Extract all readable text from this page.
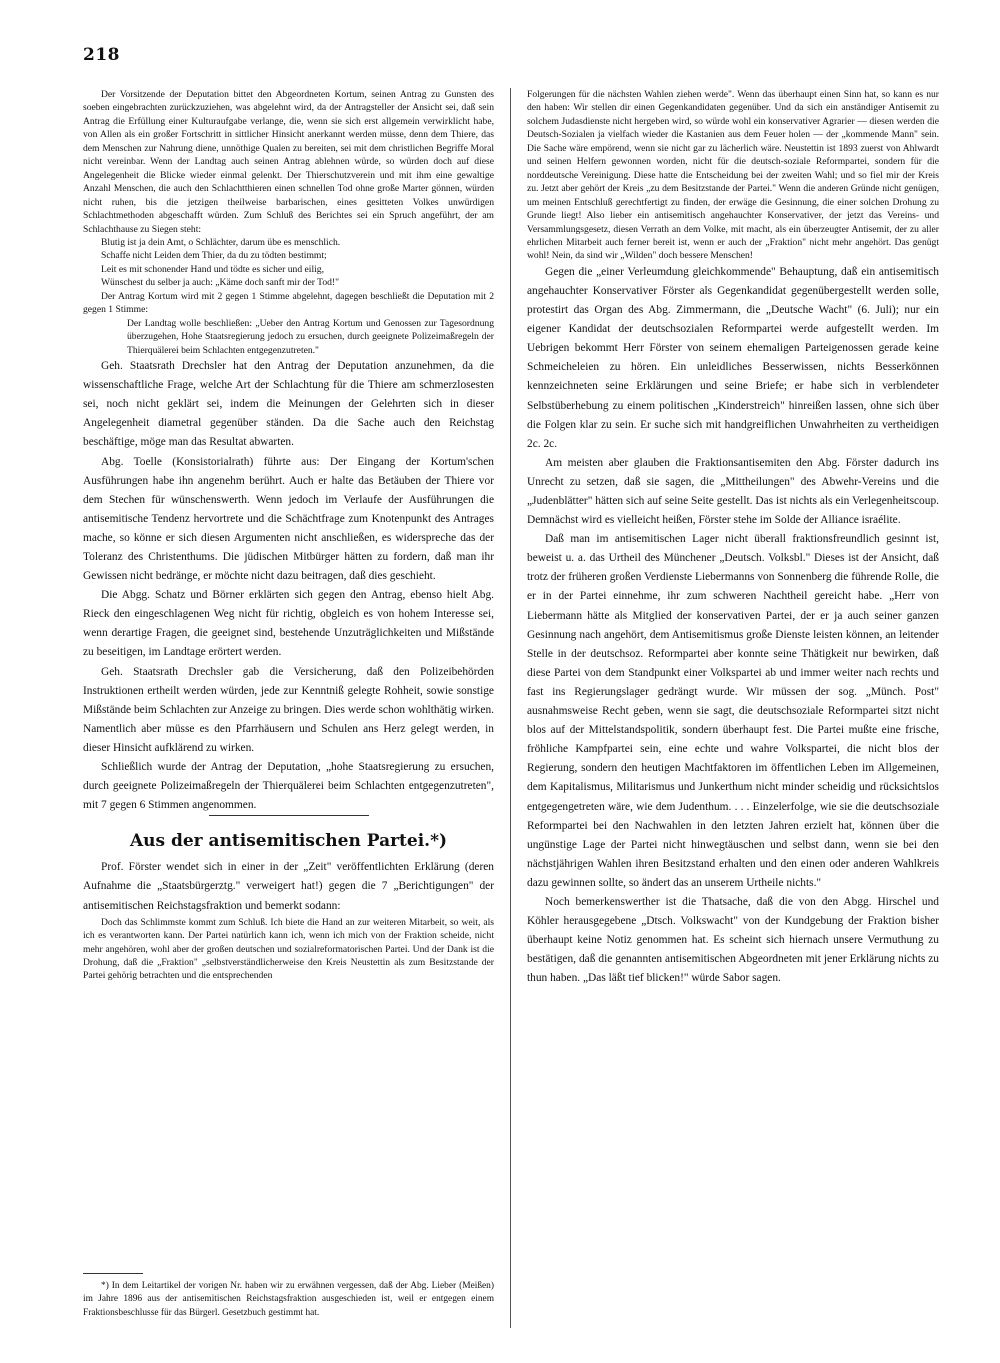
218

Der Vorsitzende der Deputation bittet den Abgeordneten Kortum, seinen Antrag zu Gunsten des soeben eingebrachten zurückzuziehen, was abgelehnt wird, da der Antragsteller der Ansicht sei, daß sein Antrag die Erfüllung einer Kulturaufgabe verlange, die, wenn sie sich erst allgemein verwirklicht habe, von Allen als ein großer Fortschritt in sittlicher Hinsicht anerkannt werden müsse, denn dem Thiere, das dem Menschen zur Nahrung diene, unnöthige Qualen zu bereiten, sei mit dem christlichen Begriffe Moral nicht vereinbar. Wenn der Landtag auch seinen Antrag ablehnen würde, so würden doch auf diese Angelegenheit die Blicke wieder einmal gelenkt. Der Thierschutzverein und mit ihm eine gewaltige Anzahl Menschen, die auch den Schlachtthieren einen schnellen Tod ohne große Marter gönnen, würden nicht ruhen, bis die jetzigen theilweise barbarischen, eines gesitteten Volkes unwürdigen Schlachtmethoden abgeschafft würden. Zum Schluß des Berichtes sei ein Spruch angeführt, der am Schlachthause zu Siegen steht:

Blutig ist ja dein Amt, o Schlächter, darum übe es menschlich.
Schaffe nicht Leiden dem Thier, da du zu tödten bestimmt;
Leit es mit schonender Hand und tödte es sicher und eilig,
Wünschest du selber ja auch: „Käme doch sanft mir der Tod!"

Der Antrag Kortum wird mit 2 gegen 1 Stimme abgelehnt, dagegen beschließt die Deputation mit 2 gegen 1 Stimme:

Der Landtag wolle beschließen: „Ueber den Antrag Kortum und Genossen zur Tagesordnung überzugehen, Hohe Staatsregierung jedoch zu ersuchen, durch geeignete Polizeimaßregeln der Thierquälerei beim Schlachten entgegenzutreten."

Geh. Staatsrath Drechsler hat den Antrag der Deputation anzunehmen, da die wissenschaftliche Frage, welche Art der Schlachtung für die Thiere am schmerzlosesten sei, noch nicht geklärt sei, indem die Meinungen der Gelehrten sich in dieser Angelegenheit diametral gegenüber ständen. Da die Sache auch den Reichstag beschäftige, möge man das Resultat abwarten.

Abg. Toelle (Konsistorialrath) führte aus: Der Eingang der Kortum'schen Ausführungen habe ihn angenehm berührt. Auch er halte das Betäuben der Thiere vor dem Stechen für wünschenswerth. Wenn jedoch im Verlaufe der Ausführungen die antisemitische Tendenz hervortrete und die Schächtfrage zum Knotenpunkt des Antrages mache, so könne er sich diesen Argumenten nicht anschließen, es widerspreche das der Toleranz des Christenthums. Die jüdischen Mitbürger hätten zu fordern, daß man ihr Gewissen nicht bedränge, er möchte nicht dazu beitragen, daß dies geschieht.

Die Abgg. Schatz und Börner erklärten sich gegen den Antrag, ebenso hielt Abg. Rieck den eingeschlagenen Weg nicht für richtig, obgleich es von hohem Interesse sei, wenn derartige Fragen, die geeignet sind, bestehende Unzuträglichkeiten und Mißstände zu beseitigen, im Landtage erörtert werden.

Geh. Staatsrath Drechsler gab die Versicherung, daß den Polizeibehörden Instruktionen ertheilt werden würden, jede zur Kenntniß gelegte Rohheit, sowie sonstige Mißstände beim Schlachten zur Anzeige zu bringen. Dies werde schon wohlthätig wirken. Namentlich aber müsse es den Pfarrhäusern und Schulen ans Herz gelegt werden, in dieser Hinsicht aufklärend zu wirken.

Schließlich wurde der Antrag der Deputation, „hohe Staatsregierung zu ersuchen, durch geeignete Polizeimaßregeln der Thierquälerei beim Schlachten entgegenzutreten", mit 7 gegen 6 Stimmen angenommen.

Aus der antisemitischen Partei.*)

Prof. Förster wendet sich in einer in der „Zeit" veröffentlichten Erklärung (deren Aufnahme die „Staatsbürgerztg." verweigert hat!) gegen die 7 „Berichtigungen" der antisemitischen Reichstagsfraktion und bemerkt sodann:

Doch das Schlimmste kommt zum Schluß. Ich biete die Hand an zur weiteren Mitarbeit, so weit, als ich es verantworten kann. Der Partei natürlich kann ich, wenn ich mich von der Fraktion scheide, nicht mehr angehören, wohl aber der großen deutschen und sozialreformatorischen Partei. Und der Dank ist die Drohung, daß die „Fraktion" „selbstverständlicherweise den Kreis Neustettin als zum Besitzstande der Partei gehörig betrachten und die entsprechenden

*) In dem Leitartikel der vorigen Nr. haben wir zu erwähnen vergessen, daß der Abg. Lieber (Meißen) im Jahre 1896 aus der antisemitischen Reichstagsfraktion ausgeschieden ist, weil er entgegen einem Fraktionsbeschlusse für das Bürgerl. Gesetzbuch gestimmt hat.

Folgerungen für die nächsten Wahlen ziehen werde". Wenn das überhaupt einen Sinn hat, so kann es nur den haben: Wir stellen dir einen Gegenkandidaten gegenüber. Und da sich ein anständiger Antisemit zu solchem Judasdienste nicht hergeben wird, so würde wohl ein konservativer Agrarier — diesen werden die Deutsch-Sozialen ja vielfach wieder die Kastanien aus dem Feuer holen — der „kommende Mann" sein. Die Sache wäre empörend, wenn sie nicht gar zu lächerlich wäre. Neustettin ist 1893 zuerst von Ahlwardt und seinen Helfern gewonnen worden, nicht für die deutsch-soziale Reformpartei, sondern für die norddeutsche Vereinigung. Diese hatte die Entscheidung bei der zweiten Wahl; und so fiel mir der Kreis zu. Jetzt aber gehört der Kreis „zu dem Besitzstande der Partei." Wenn die anderen Gründe nicht genügen, um meinen Entschluß gerechtfertigt zu finden, der erwäge die Gesinnung, die einer solchen Drohung zu Grunde liegt! Also lieber ein antisemitisch angehauchter Konservativer, der jetzt das Vereins- und Versammlungsgesetz, diesen Verrath an dem Volke, mit macht, als ein überzeugter Antisemit, der zu aller ehrlichen Mitarbeit auch ferner bereit ist, wenn er auch der „Fraktion" nicht mehr angehört. Das genügt wohl! Nein, da sind wir „Wilden" doch bessere Menschen!

Gegen die „einer Verleumdung gleichkommende" Behauptung, daß ein antisemitisch angehauchter Konservativer Förster als Gegenkandidat gegenübergestellt werden solle, protestirt das Organ des Abg. Zimmermann, die „Deutsche Wacht" (6. Juli); nur ein eigener Kandidat der deutschsozialen Reformpartei werde aufgestellt werden. Im Uebrigen bekommt Herr Förster von seinem ehemaligen Parteigenossen gerade keine Schmeicheleien zu hören. Ein unleidliches Besserwissen, nichts Besserkönnen kennzeichneten seine Erklärungen und seine Briefe; er habe sich in verblendeter Selbstüberhebung zu einem politischen „Kinderstreich" hinreißen lassen, ohne sich über die Folgen klar zu sein. Er suche sich mit handgreiflichen Unwahrheiten zu vertheidigen 2c. 2c.

Am meisten aber glauben die Fraktionsantisemiten den Abg. Förster dadurch ins Unrecht zu setzen, daß sie sagen, die „Mittheilungen" des Abwehr-Vereins und die „Judenblätter" hätten sich auf seine Seite gestellt. Das ist nichts als ein Verlegenheitscoup. Demnächst wird es vielleicht heißen, Förster stehe im Solde der Alliance israélite.

Daß man im antisemitischen Lager nicht überall fraktionsfreundlich gesinnt ist, beweist u. a. das Urtheil des Münchener „Deutsch. Volksbl." Dieses ist der Ansicht, daß trotz der früheren großen Verdienste Liebermanns von Sonnenberg die führende Rolle, die er in der Partei einnehme, ihr zum schweren Nachtheil gereicht habe. „Herr von Liebermann hätte als Mitglied der konservativen Partei, der er ja auch seiner ganzen Gesinnung nach angehört, dem Antisemitismus große Dienste leisten können, an leitender Stelle in der deutschsoz. Reformpartei aber konnte seine Thätigkeit nur bewirken, daß diese Partei von dem Standpunkt einer Volkspartei ab und immer weiter nach rechts und fast ins Regierungslager gedrängt wurde. Wir müssen der sog. „Münch. Post" ausnahmsweise Recht geben, wenn sie sagt, die deutschsoziale Reformpartei sitzt nicht blos auf der Mittelstandspolitik, sondern überhaupt fest. Die Partei mußte eine frische, fröhliche Kampfpartei sein, eine echte und wahre Volkspartei, die nicht blos der Regierung, sondern den heutigen Machtfaktoren im öffentlichen Leben im Allgemeinen, dem Kapitalismus, Militarismus und Junkerthum nicht minder scheidig und rücksichtslos entgegengetreten wäre, wie dem Judenthum. . . . Einzelerfolge, wie sie die deutschsoziale Reformpartei bei den Nachwahlen in den letzten Jahren erzielt hat, können über die ungünstige Lage der Partei nicht hinwegtäuschen und selbst dann, wenn sie bei den nächstjährigen Wahlen ihren Besitzstand erhalten und den einen oder anderen Wahlkreis dazu gewinnen sollte, so ändert das an unserem Urtheile nichts."

Noch bemerkenswerther ist die Thatsache, daß die von den Abgg. Hirschel und Köhler herausgegebene „Dtsch. Volkswacht" von der Kundgebung der Fraktion bisher überhaupt keine Notiz genommen hat. Es scheint sich hiernach unsere Vermuthung zu bestätigen, daß die genannten antisemitischen Abgeordneten mit jener Erklärung nichts zu thun haben. „Das läßt tief blicken!" würde Sabor sagen.
